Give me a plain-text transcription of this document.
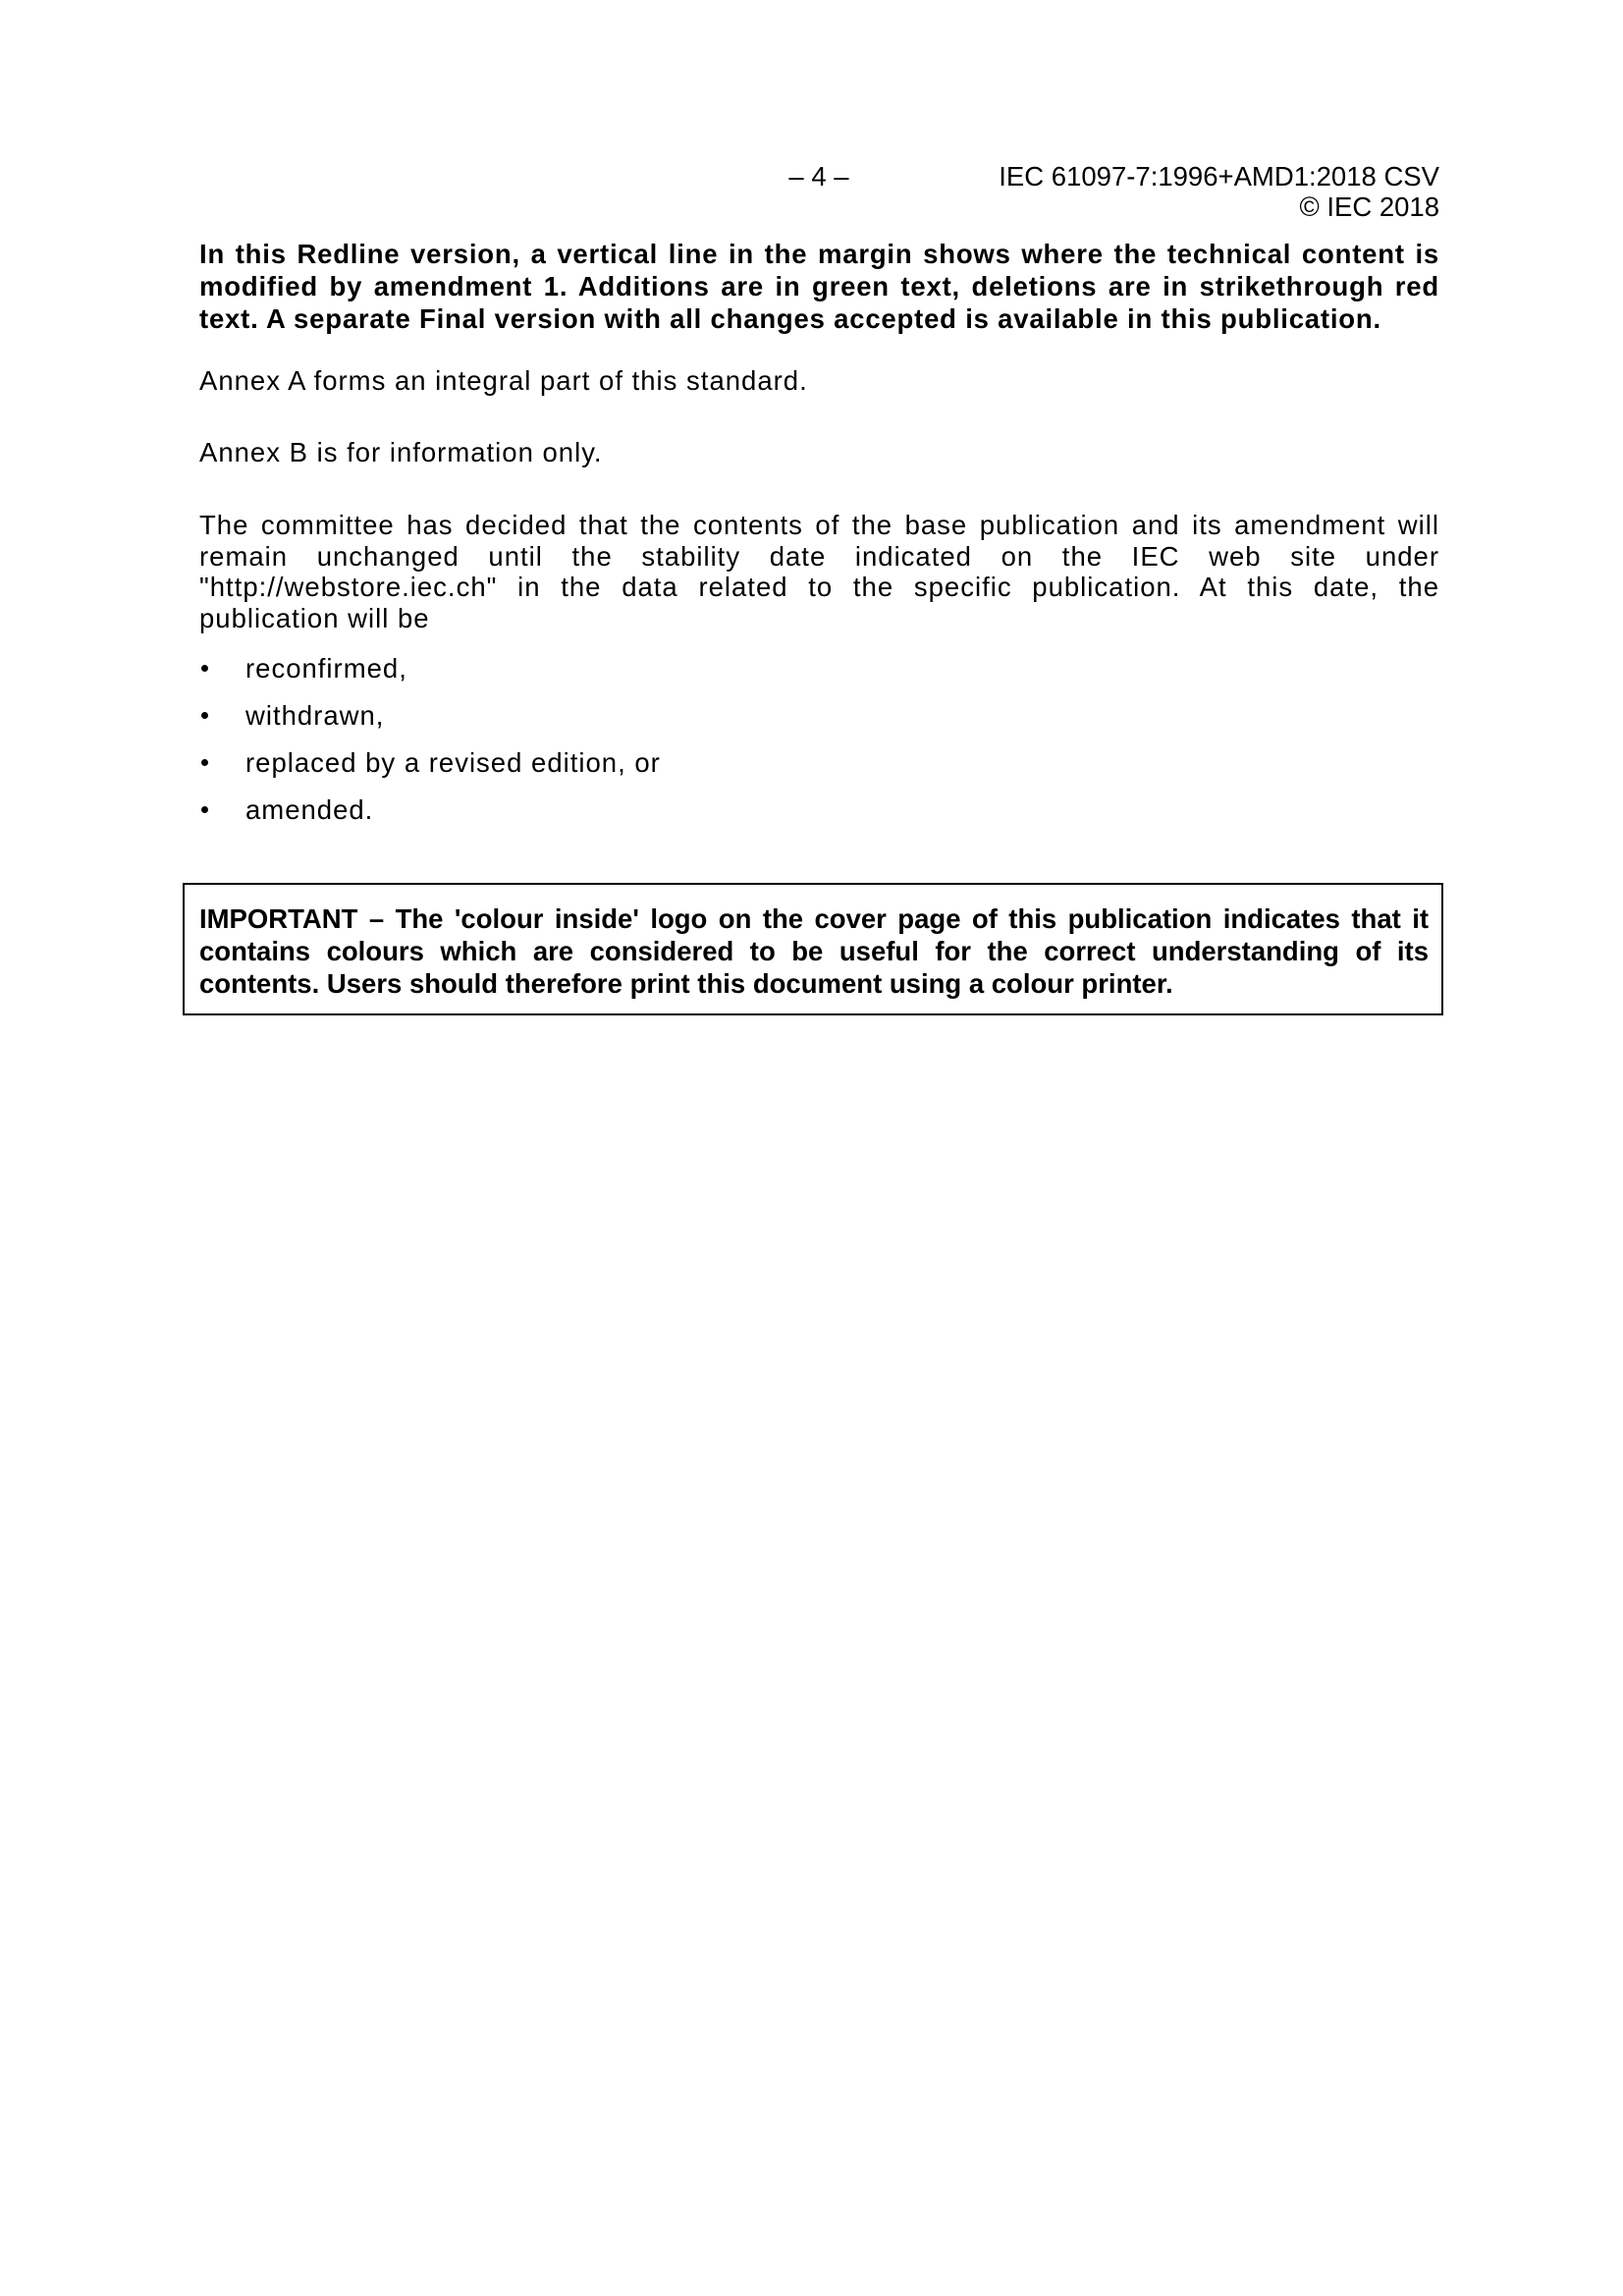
– 4 –	IEC 61097-7:1996+AMD1:2018 CSV
© IEC 2018
In this Redline version, a vertical line in the margin shows where the technical content is modified by amendment 1. Additions are in green text, deletions are in strikethrough red text. A separate Final version with all changes accepted is available in this publication.
Annex A forms an integral part of this standard.
Annex B is for information only.
The committee has decided that the contents of the base publication and its amendment will remain unchanged until the stability date indicated on the IEC web site under "http://webstore.iec.ch" in the data related to the specific publication. At this date, the publication will be
reconfirmed,
withdrawn,
replaced by a revised edition, or
amended.
IMPORTANT – The 'colour inside' logo on the cover page of this publication indicates that it contains colours which are considered to be useful for the correct understanding of its contents. Users should therefore print this document using a colour printer.
